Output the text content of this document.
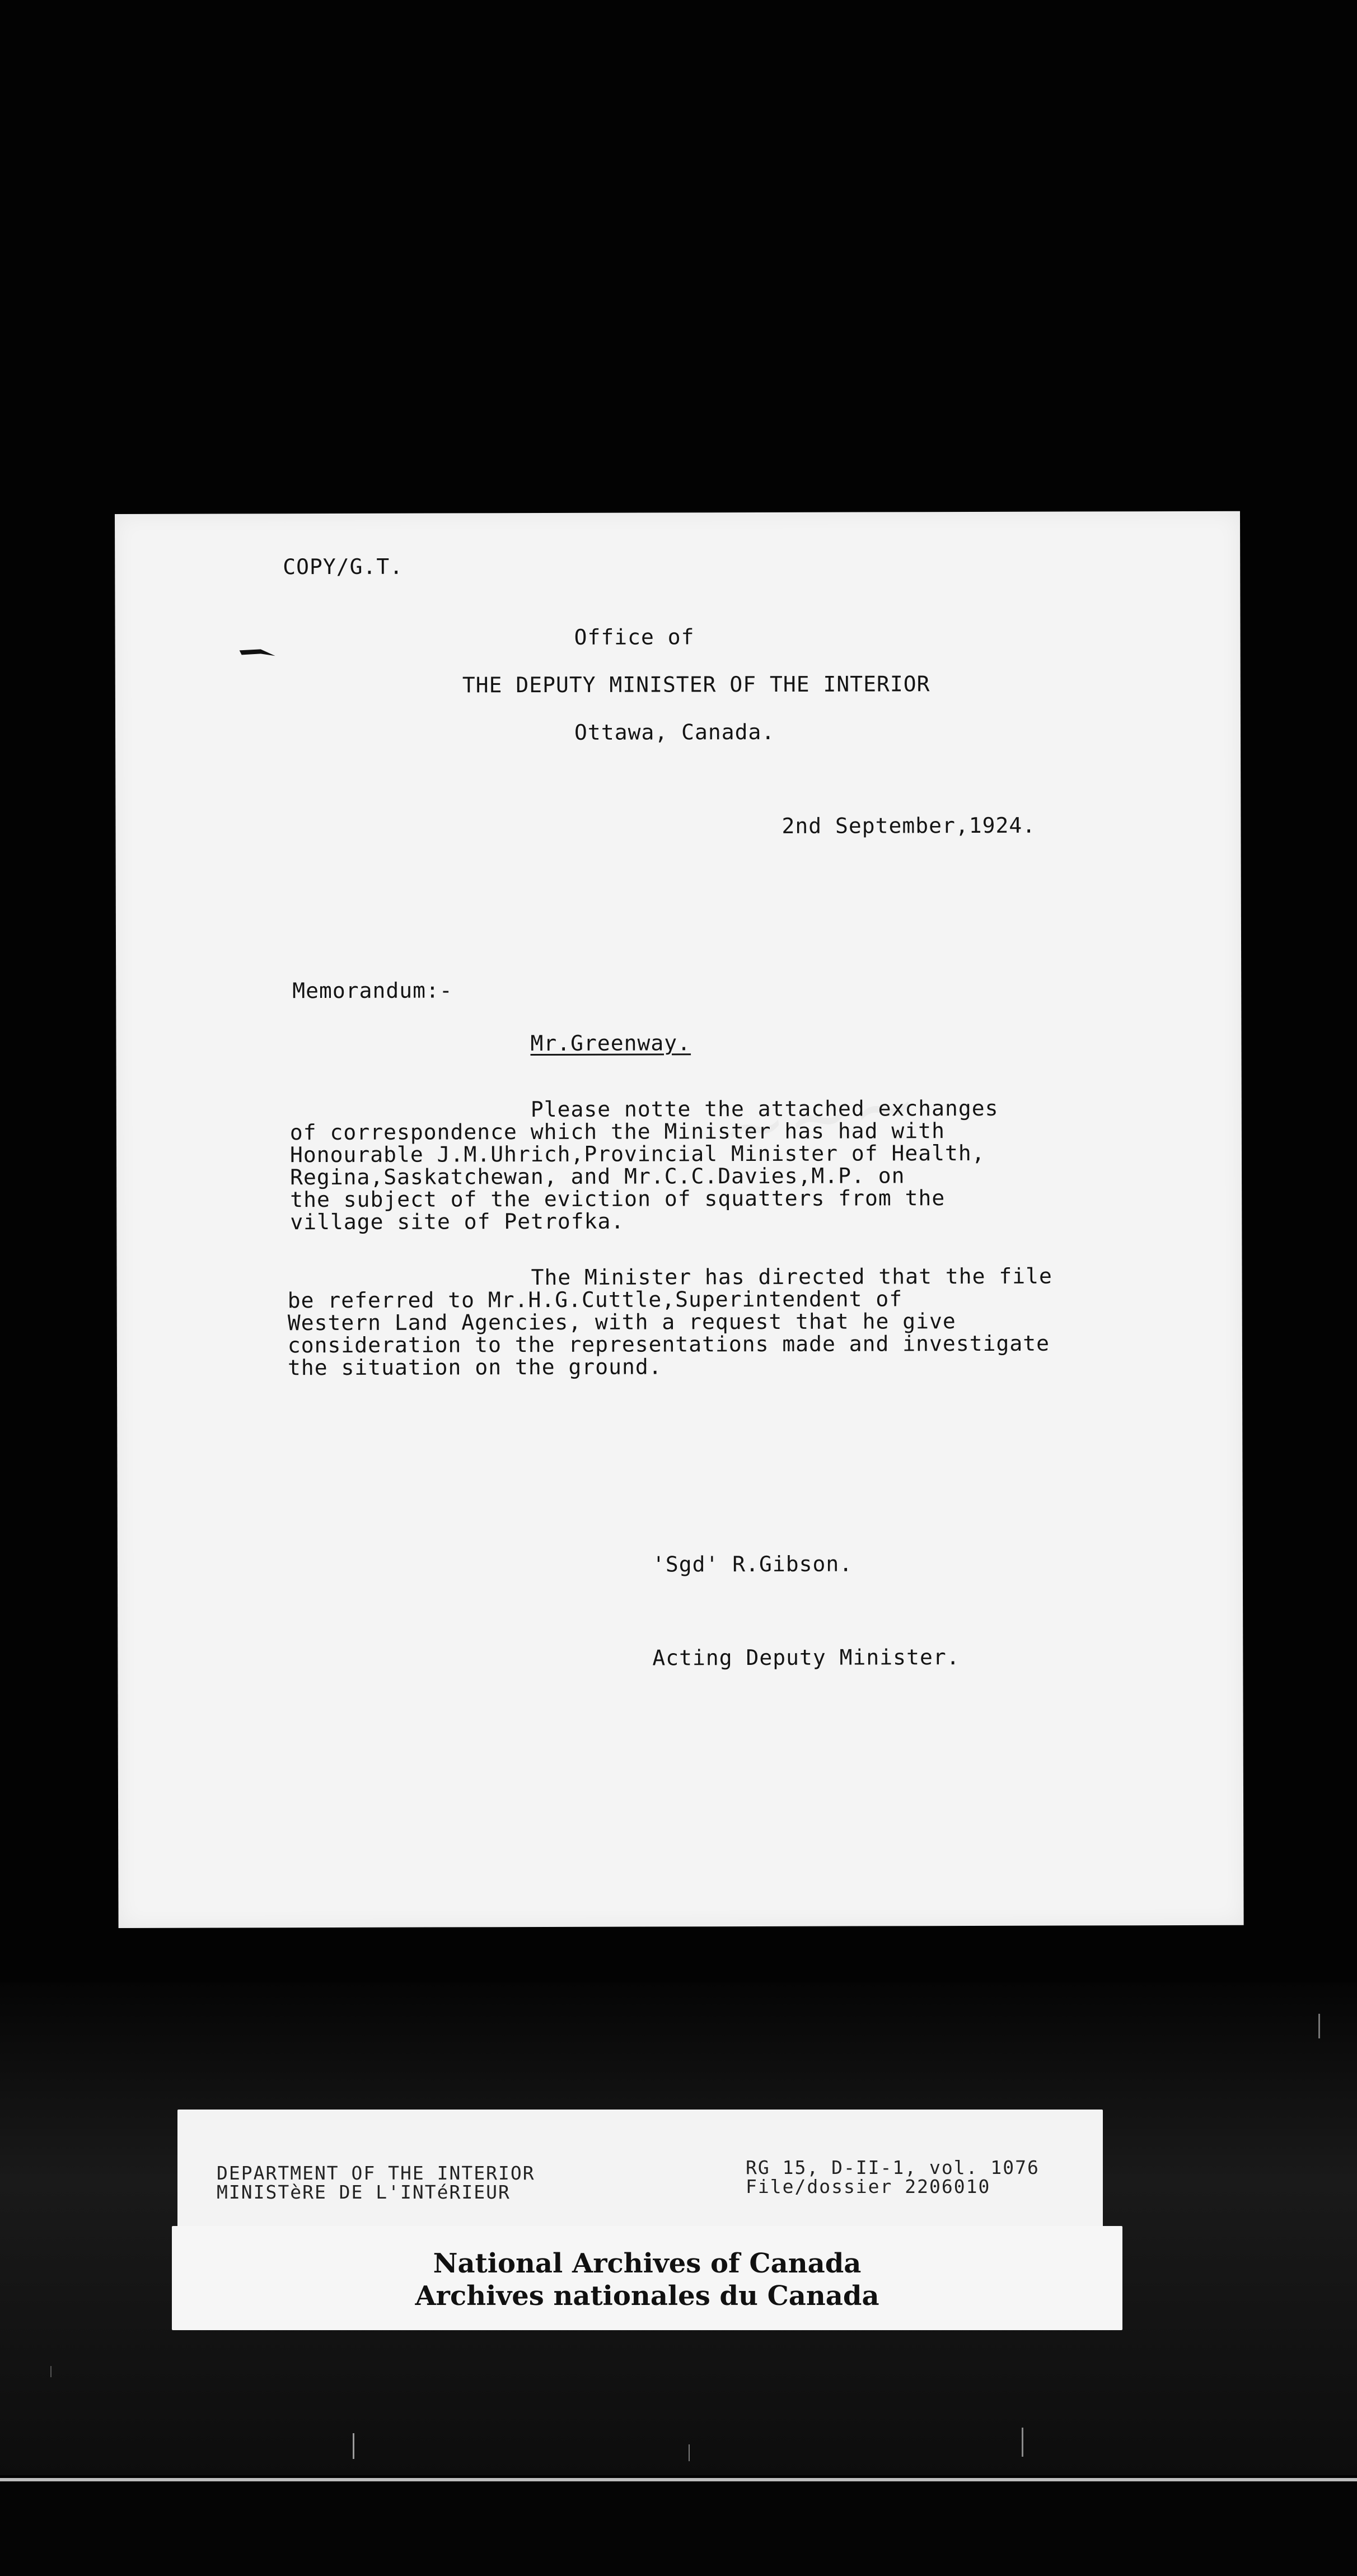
COPY/G.T.

Office of

THE DEPUTY MINISTER OF THE INTERIOR

Ottawa, Canada.

2nd September,1924.

Memorandum:-

Mr.Greenway.

Please notte the attached exchanges

of correspondence which the Minister has had with

Honourable J.M.Uhrich,Provincial Minister of Health,

Regina,Saskatchewan, and Mr.C.C.Davies,M.P. on

the subject of the eviction of squatters from the

village site of Petrofka.

The Minister has directed that the file

be referred to Mr.H.G.Cuttle,Superintendent of

Western Land Agencies, with a request that he give

consideration to the representations made and investigate

the situation on the ground.

'Sgd' R.Gibson.

Acting Deputy Minister.

DEPARTMENT OF THE INTERIOR

MINISTèRE DE L'INTéRIEUR

RG 15, D-II-1, vol. 1076

File/dossier 2206010

National Archives of Canada

Archives nationales du Canada
